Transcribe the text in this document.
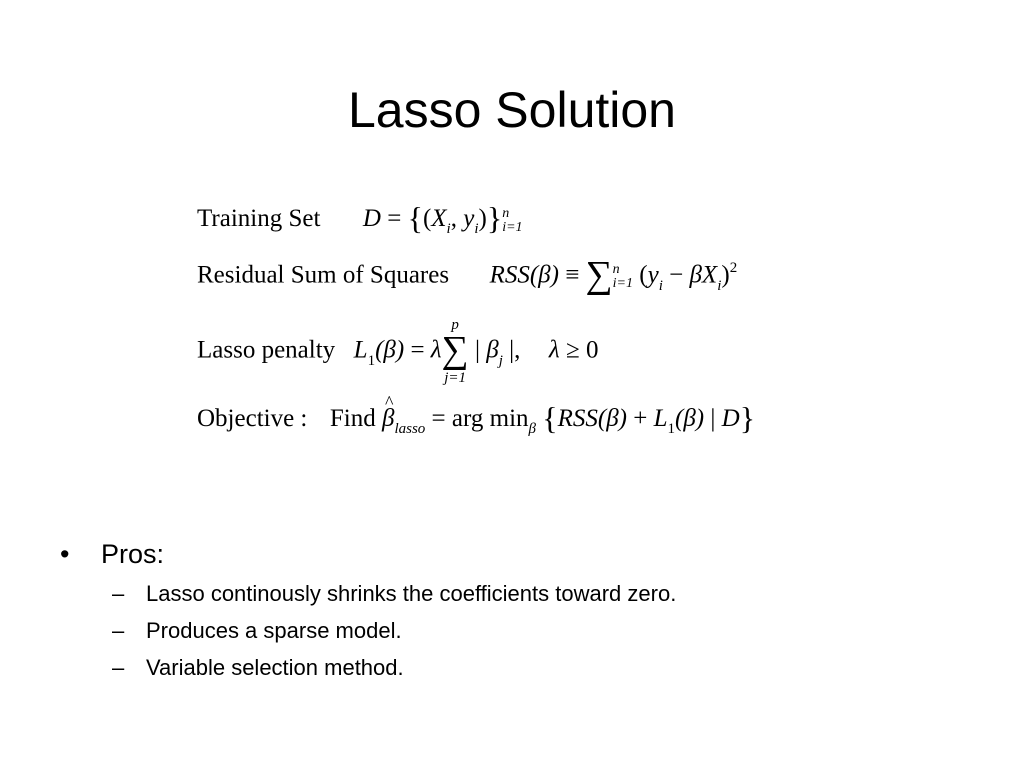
Lasso Solution
Training Set $D = \{(X_i$, $y_i$)} n
i=1
Residual Sum of Squares RSS(β) ≡ ∑ n
i=1 $(y_i - \beta X_i)^2$
Lasso penalty $L_1(\beta) = \lambda$
p
∑
j=1
| $\beta_j$ |, λ ≥ 0
Objective : Find ^ $\beta_{lasso}$ = arg $\min_\beta \{RSS(\beta) + L_1(\beta)$ | D}
• Pros:
– Lasso continously shrinks the coefficients toward zero.
– Produces a sparse model.
– Variable selection method.
